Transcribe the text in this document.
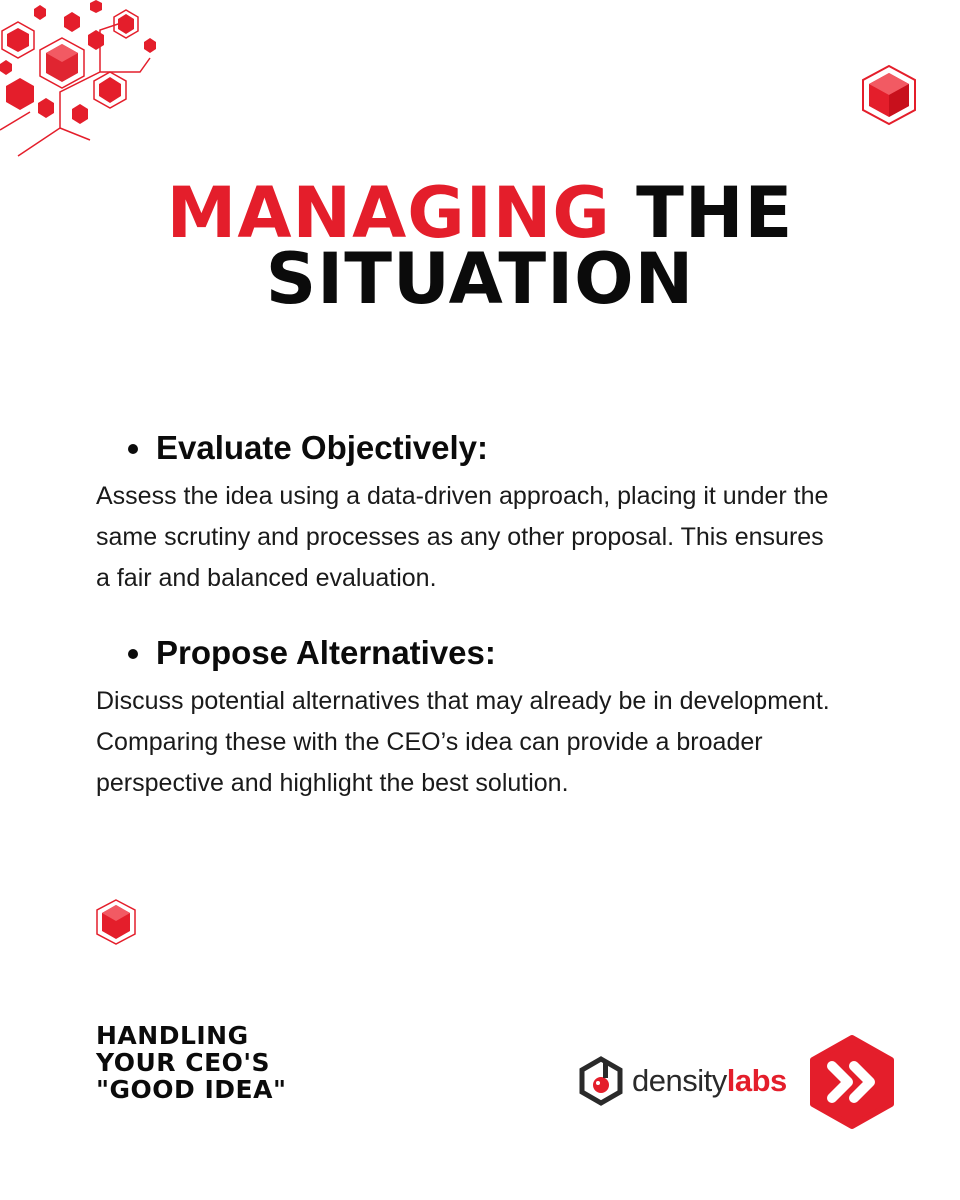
MANAGING THE
SITUATION
Evaluate Objectively:
Assess the idea using a data-driven approach, placing it under the same scrutiny and processes as any other proposal. This ensures a fair and balanced evaluation.
Propose Alternatives:
Discuss potential alternatives that may already be in development. Comparing these with the CEO’s idea can provide a broader perspective and highlight the best solution.
HANDLING
YOUR CEO'S
"GOOD IDEA"	densitylabs
